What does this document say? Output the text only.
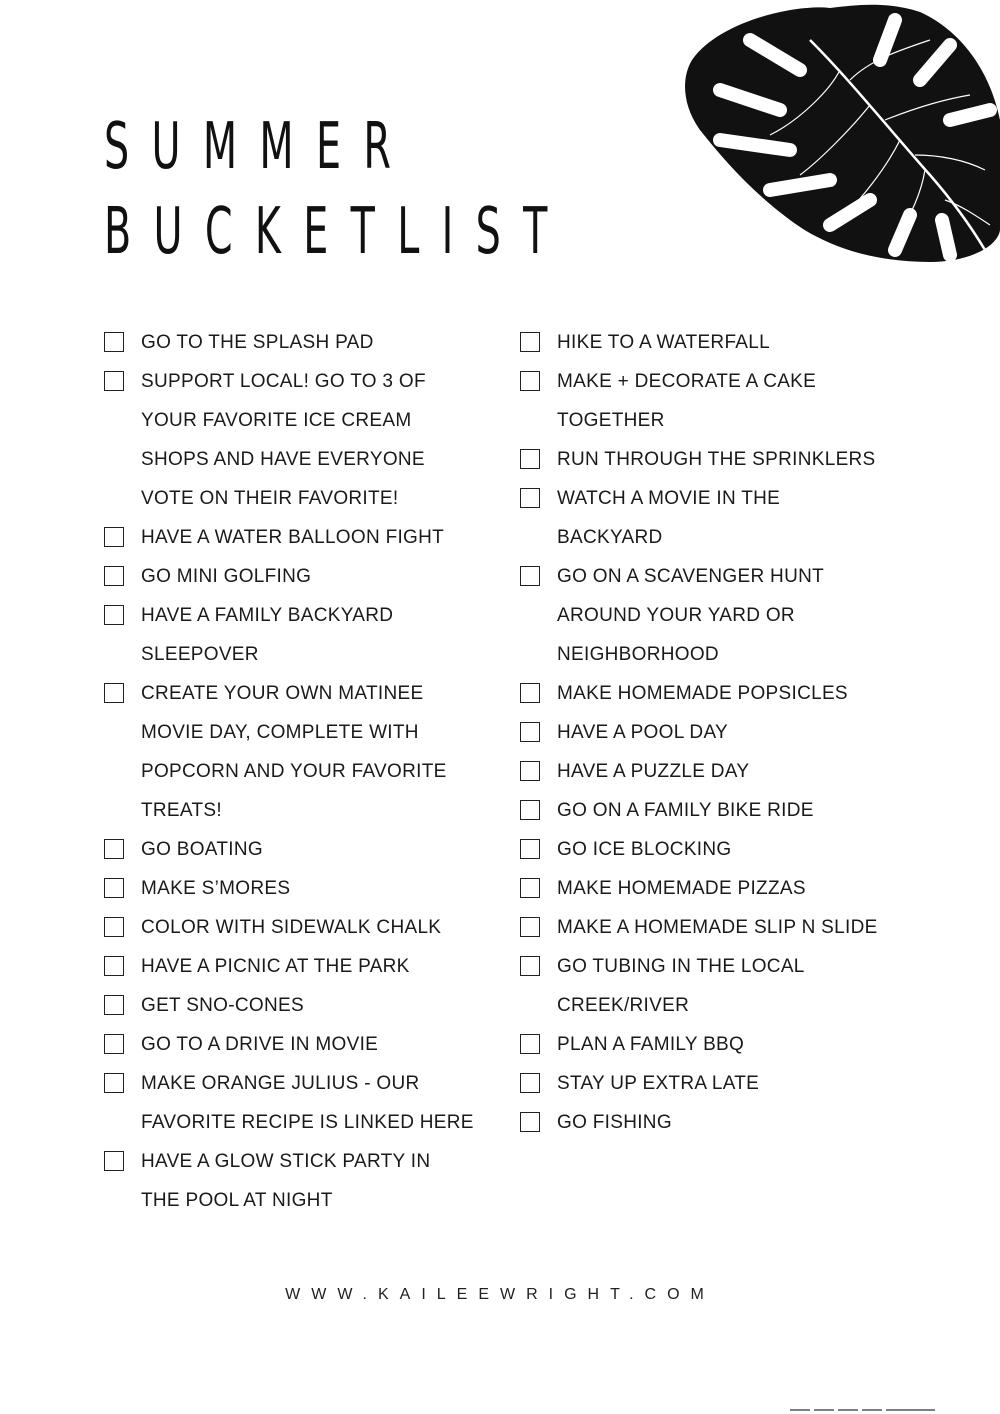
SUMMER
BUCKETLIST
GO TO THE SPLASH PAD
SUPPORT LOCAL! GO TO 3 OF
YOUR FAVORITE ICE CREAM
SHOPS AND HAVE EVERYONE
VOTE ON THEIR FAVORITE!
HAVE A WATER BALLOON FIGHT
GO MINI GOLFING
HAVE A FAMILY BACKYARD
SLEEPOVER
CREATE YOUR OWN MATINEE
MOVIE DAY, COMPLETE WITH
POPCORN AND YOUR FAVORITE
TREATS!
GO BOATING
MAKE S’MORES
COLOR WITH SIDEWALK CHALK
HAVE A PICNIC AT THE PARK
GET SNO-CONES
GO TO A DRIVE IN MOVIE
MAKE ORANGE JULIUS - OUR
FAVORITE RECIPE IS LINKED HERE
HAVE A GLOW STICK PARTY IN
THE POOL AT NIGHT
HIKE TO A WATERFALL
MAKE + DECORATE A CAKE
TOGETHER
RUN THROUGH THE SPRINKLERS
WATCH A MOVIE IN THE
BACKYARD
GO ON A SCAVENGER HUNT
AROUND YOUR YARD OR
NEIGHBORHOOD
MAKE HOMEMADE POPSICLES
HAVE A POOL DAY
HAVE A PUZZLE DAY
GO ON A FAMILY BIKE RIDE
GO ICE BLOCKING
MAKE HOMEMADE PIZZAS
MAKE A HOMEMADE SLIP N SLIDE
GO TUBING IN THE LOCAL
CREEK/RIVER
PLAN A FAMILY BBQ
STAY UP EXTRA LATE
GO FISHING
WWW.KAILEEWRIGHT.COM
